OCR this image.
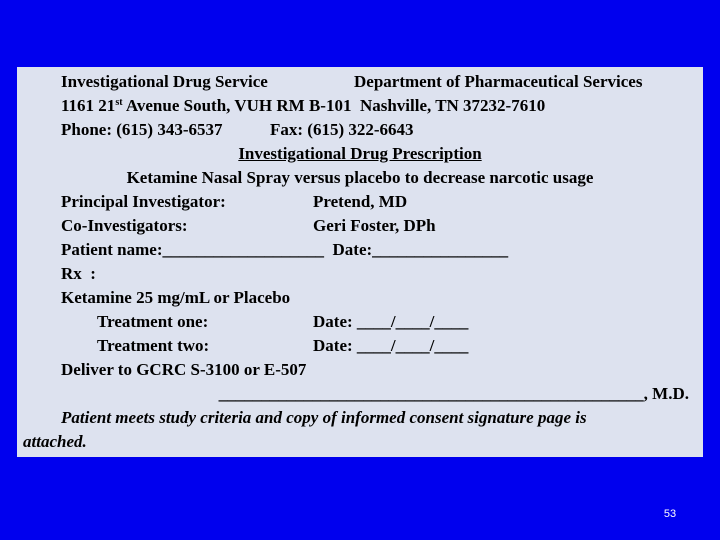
Investigational Drug Service	Department of Pharmaceutical Services
1161 21st Avenue South, VUH RM B-101  Nashville, TN 37232-7610
Phone: (615) 343-6537	Fax: (615) 322-6643
Investigational Drug Prescription
Ketamine Nasal Spray versus placebo to decrease narcotic usage
Principal Investigator:	Pretend, MD
Co-Investigators:	Geri Foster, DPh
Patient name:___________________  Date:________________
Rx  :
Ketamine 25 mg/mL or Placebo
Treatment one:	Date: ____/____/____
Treatment two:	Date: ____/____/____
Deliver to GCRC S-3100 or E-507
__________________________________________________, M.D.
Patient meets study criteria and copy of informed consent signature page is
attached.
53
